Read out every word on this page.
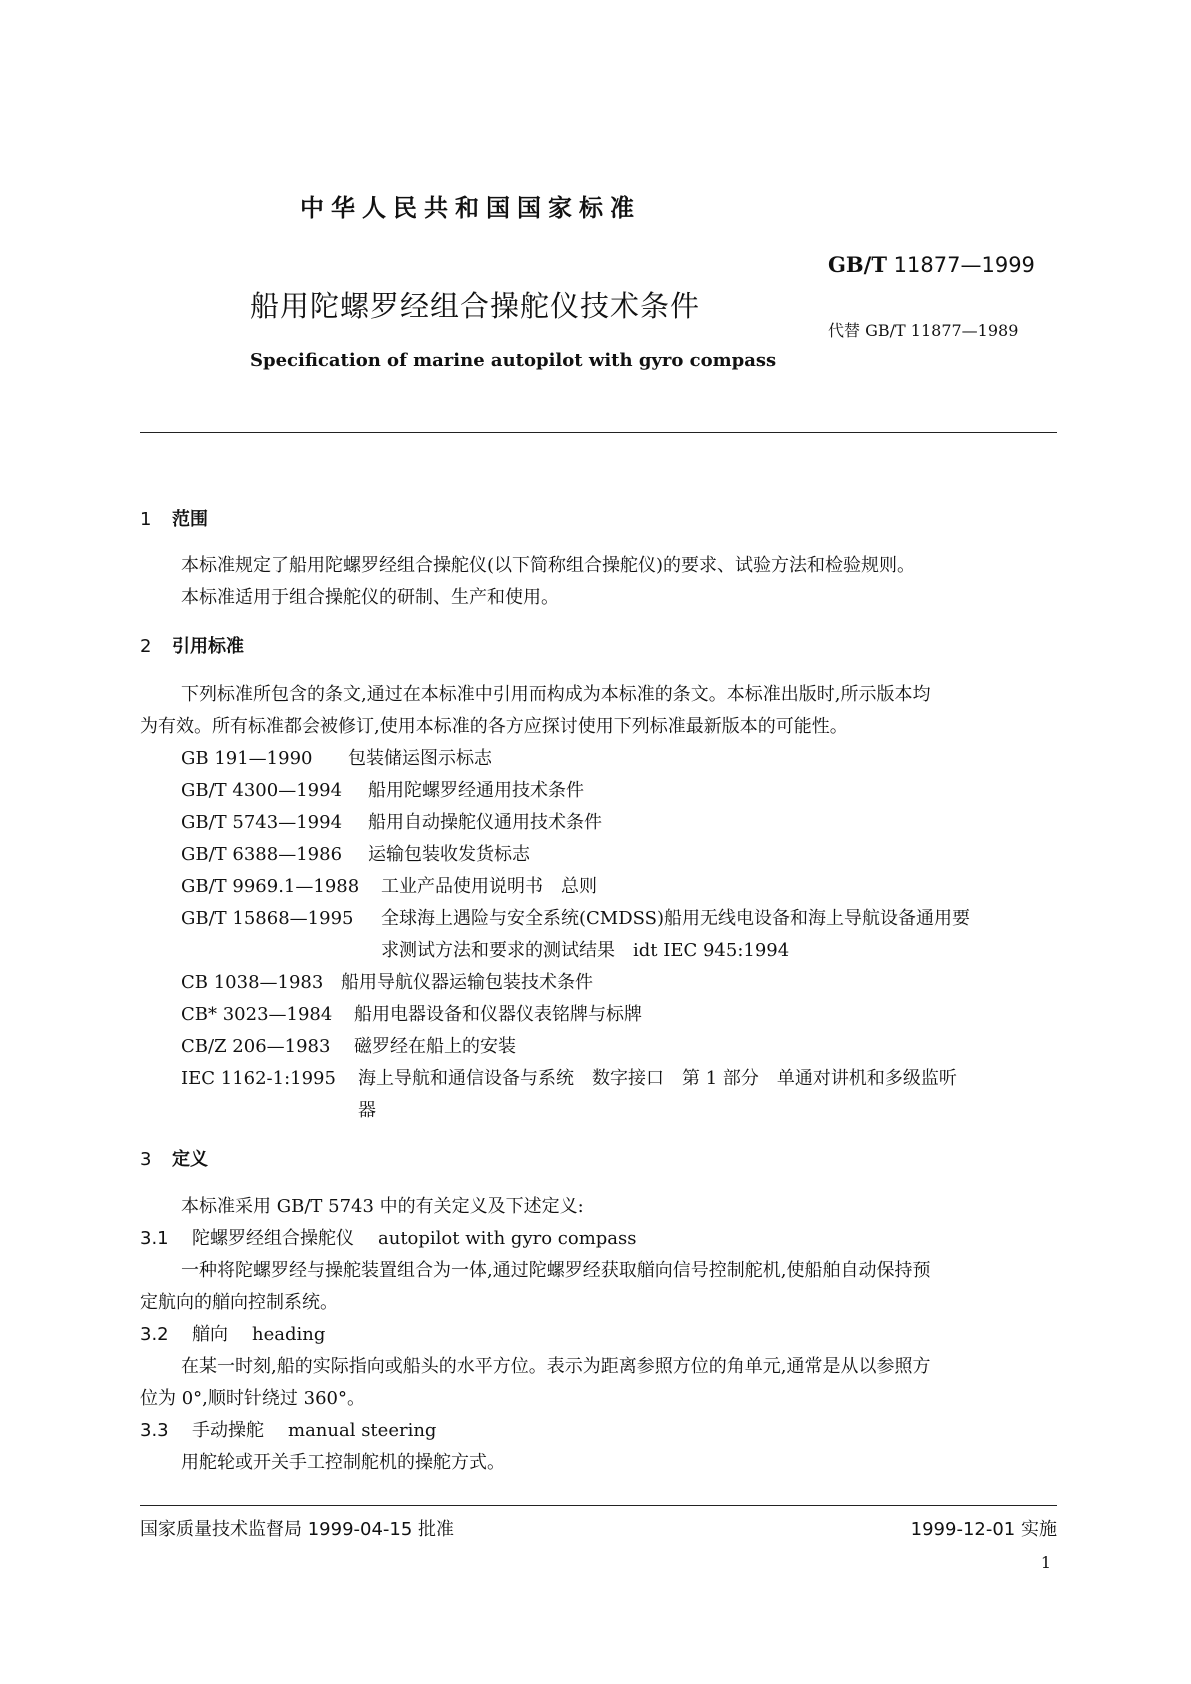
中华人民共和国国家标准
GB/T 11877—1999
船用陀螺罗经组合操舵仪技术条件
代替 GB/T 11877—1989
Specification of marine autopilot with gyro compass
1 范围
本标准规定了船用陀螺罗经组合操舵仪(以下简称组合操舵仪)的要求、试验方法和检验规则。
本标准适用于组合操舵仪的研制、生产和使用。
2 引用标准
下列标准所包含的条文,通过在本标准中引用而构成为本标准的条文。本标准出版时,所示版本均
为有效。所有标准都会被修订,使用本标准的各方应探讨使用下列标准最新版本的可能性。
GB 191—1990 包装储运图示标志
GB/T 4300—1994 船用陀螺罗经通用技术条件
GB/T 5743—1994 船用自动操舵仪通用技术条件
GB/T 6388—1986 运输包装收发货标志
GB/T 9969.1—1988 工业产品使用说明书　总则
GB/T 15868—1995 全球海上遇险与安全系统(CMDSS)船用无线电设备和海上导航设备通用要
求测试方法和要求的测试结果　idt IEC 945:1994
CB 1038—1983 船用导航仪器运输包装技术条件
CB* 3023—1984 船用电器设备和仪器仪表铭牌与标牌
CB/Z 206—1983 磁罗经在船上的安装
IEC 1162-1:1995 海上导航和通信设备与系统　数字接口　第 1 部分　单通对讲机和多级监听
器
3 定义
本标准采用 GB/T 5743 中的有关定义及下述定义:
3.1 陀螺罗经组合操舵仪 autopilot with gyro compass
一种将陀螺罗经与操舵装置组合为一体,通过陀螺罗经获取艏向信号控制舵机,使船舶自动保持预
定航向的艏向控制系统。
3.2 艏向 heading
在某一时刻,船的实际指向或船头的水平方位。表示为距离参照方位的角单元,通常是从以参照方
位为 0°,顺时针绕过 360°。
3.3 手动操舵 manual steering
用舵轮或开关手工控制舵机的操舵方式。
国家质量技术监督局 1999-04-15 批准	1999-12-01 实施
1
